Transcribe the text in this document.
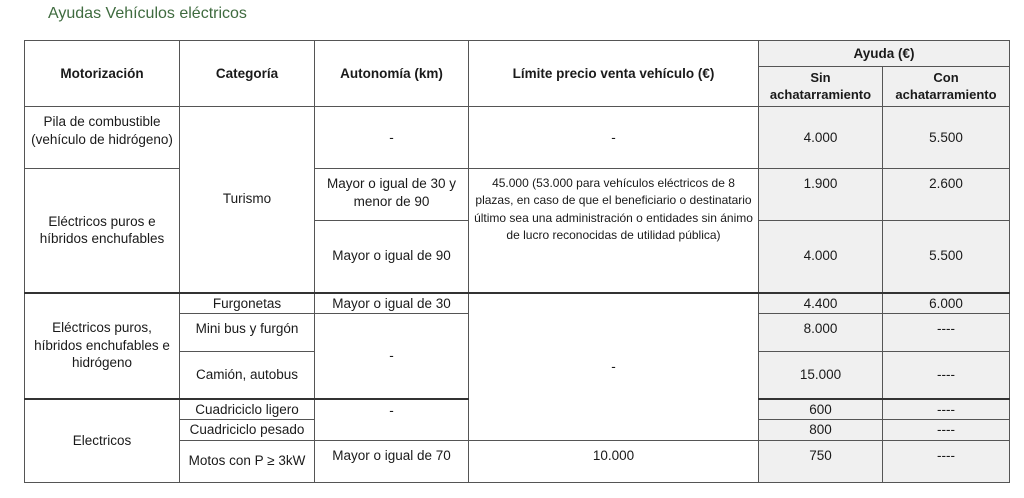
Ayudas Vehículos eléctricos
Motorización	Categoría	Autonomía (km)	Límite precio venta vehículo (€)	Ayuda (€)	
				Sin achatarramiento	Con achatarramiento
Pila de combustible (vehículo de hidrógeno)	Turismo	-	-	4.000	5.500
Eléctricos puros e híbridos enchufables		Mayor o igual de 30 y menor de 90	45.000 (53.000 para vehículos eléctricos de 8 plazas, en caso de que el beneficiario o destinatario último sea una administración o entidades sin ánimo de lucro reconocidas de utilidad pública)	1.900	2.600
		Mayor o igual de 90		4.000	5.500
Eléctricos puros, híbridos enchufables e hidrógeno	Furgonetas	Mayor o igual de 30	-	4.400	6.000
	Mini bus y furgón	-		8.000	----
	Camión, autobus			15.000	----
Electricos	Cuadriciclo ligero	-		600	----
	Cuadriciclo pesado			800	----
	Motos con P ≥ 3kW	Mayor o igual de 70	10.000	750	----
